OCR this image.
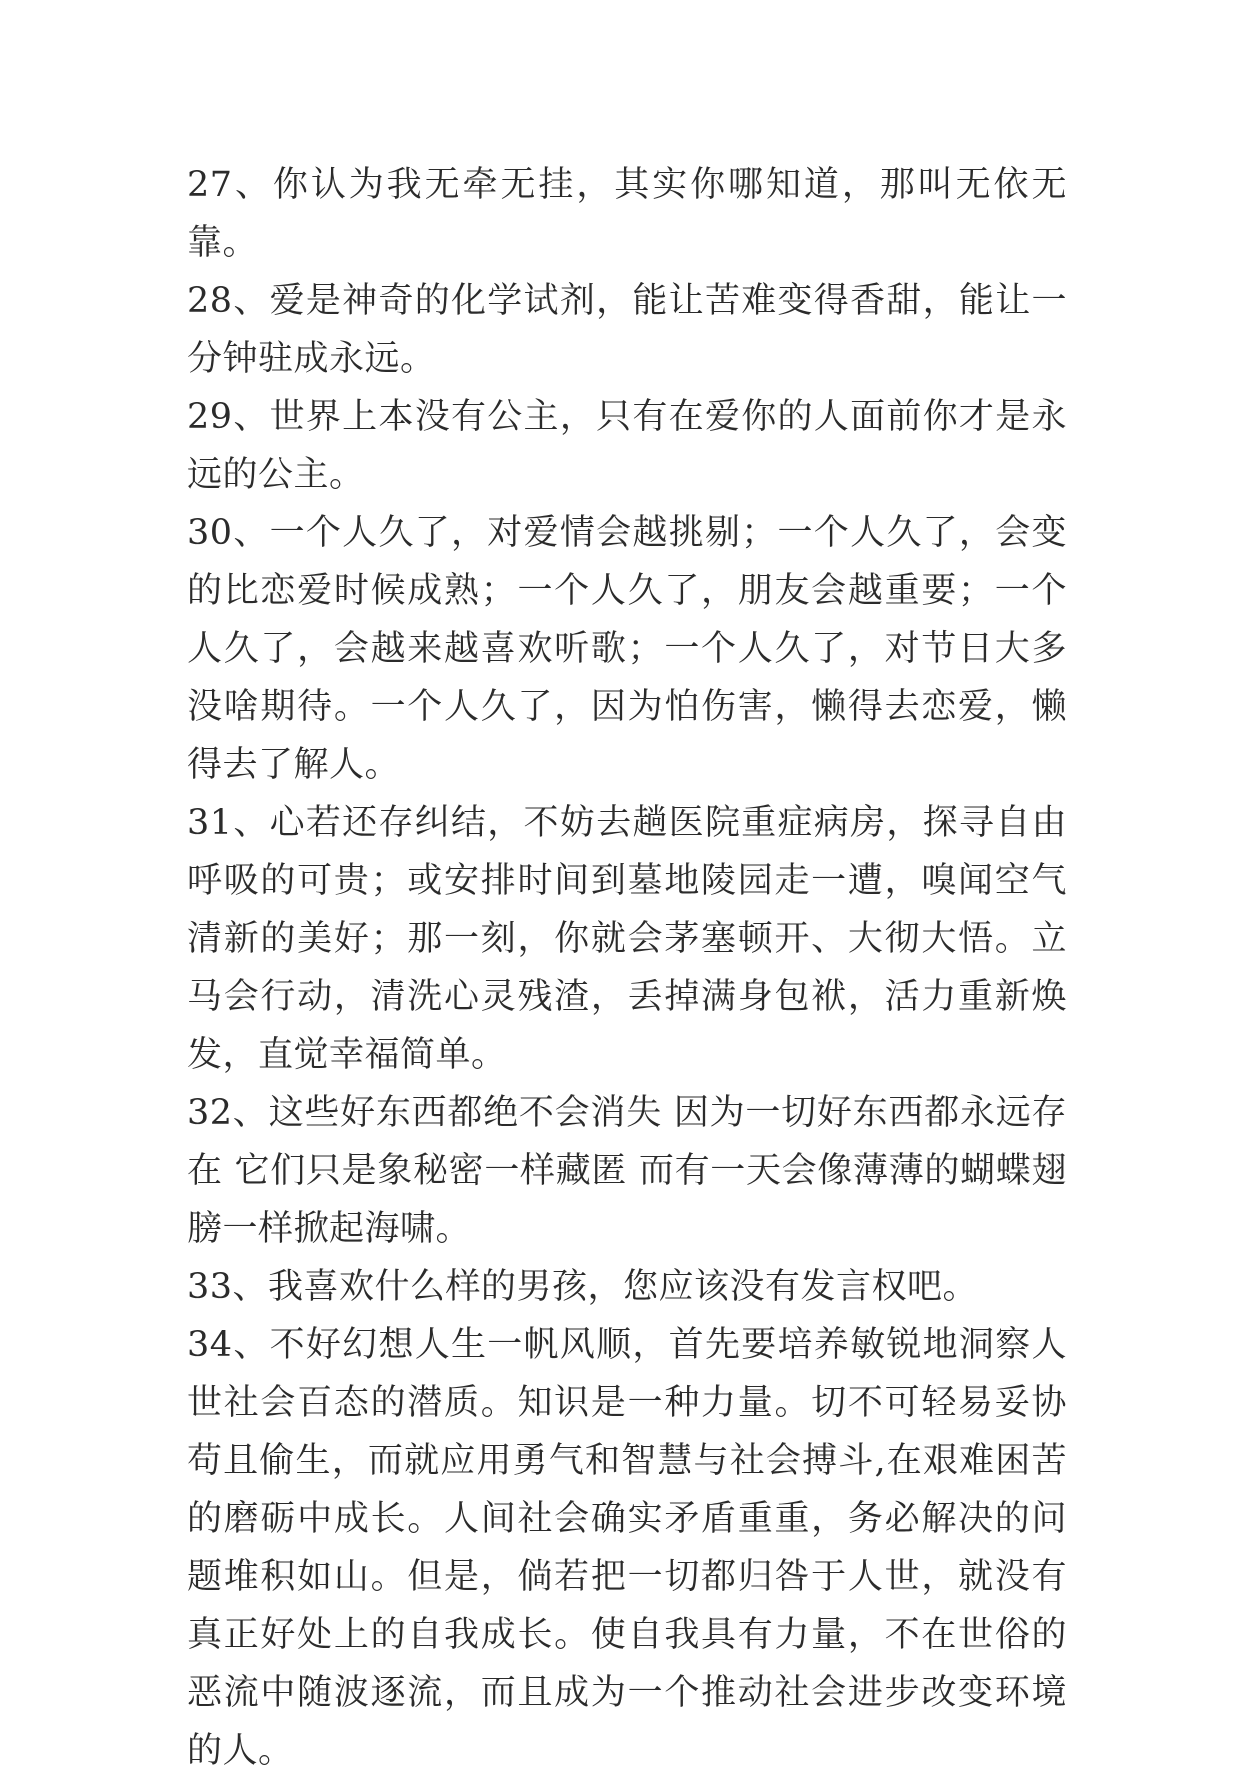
27、你认为我无牵无挂，其实你哪知道，那叫无依无靠。

28、爱是神奇的化学试剂，能让苦难变得香甜，能让一分钟驻成永远。

29、世界上本没有公主，只有在爱你的人面前你才是永远的公主。

30、一个人久了，对爱情会越挑剔；一个人久了，会变的比恋爱时候成熟；一个人久了，朋友会越重要；一个人久了，会越来越喜欢听歌；一个人久了，对节日大多没啥期待。一个人久了，因为怕伤害，懒得去恋爱，懒得去了解人。

31、心若还存纠结，不妨去趟医院重症病房，探寻自由呼吸的可贵；或安排时间到墓地陵园走一遭，嗅闻空气清新的美好；那一刻，你就会茅塞顿开、大彻大悟。立马会行动，清洗心灵残渣，丢掉满身包袱，活力重新焕发，直觉幸福简单。

32、这些好东西都绝不会消失 因为一切好东西都永远存在 它们只是象秘密一样藏匿 而有一天会像薄薄的蝴蝶翅膀一样掀起海啸。

33、我喜欢什么样的男孩，您应该没有发言权吧。

34、不好幻想人生一帆风顺，首先要培养敏锐地洞察人世社会百态的潜质。知识是一种力量。切不可轻易妥协苟且偷生，而就应用勇气和智慧与社会搏斗,在艰难困苦的磨砺中成长。人间社会确实矛盾重重，务必解决的问题堆积如山。但是，倘若把一切都归咎于人世，就没有真正好处上的自我成长。使自我具有力量，不在世俗的恶流中随波逐流，而且成为一个推动社会进步改变环境的人。
